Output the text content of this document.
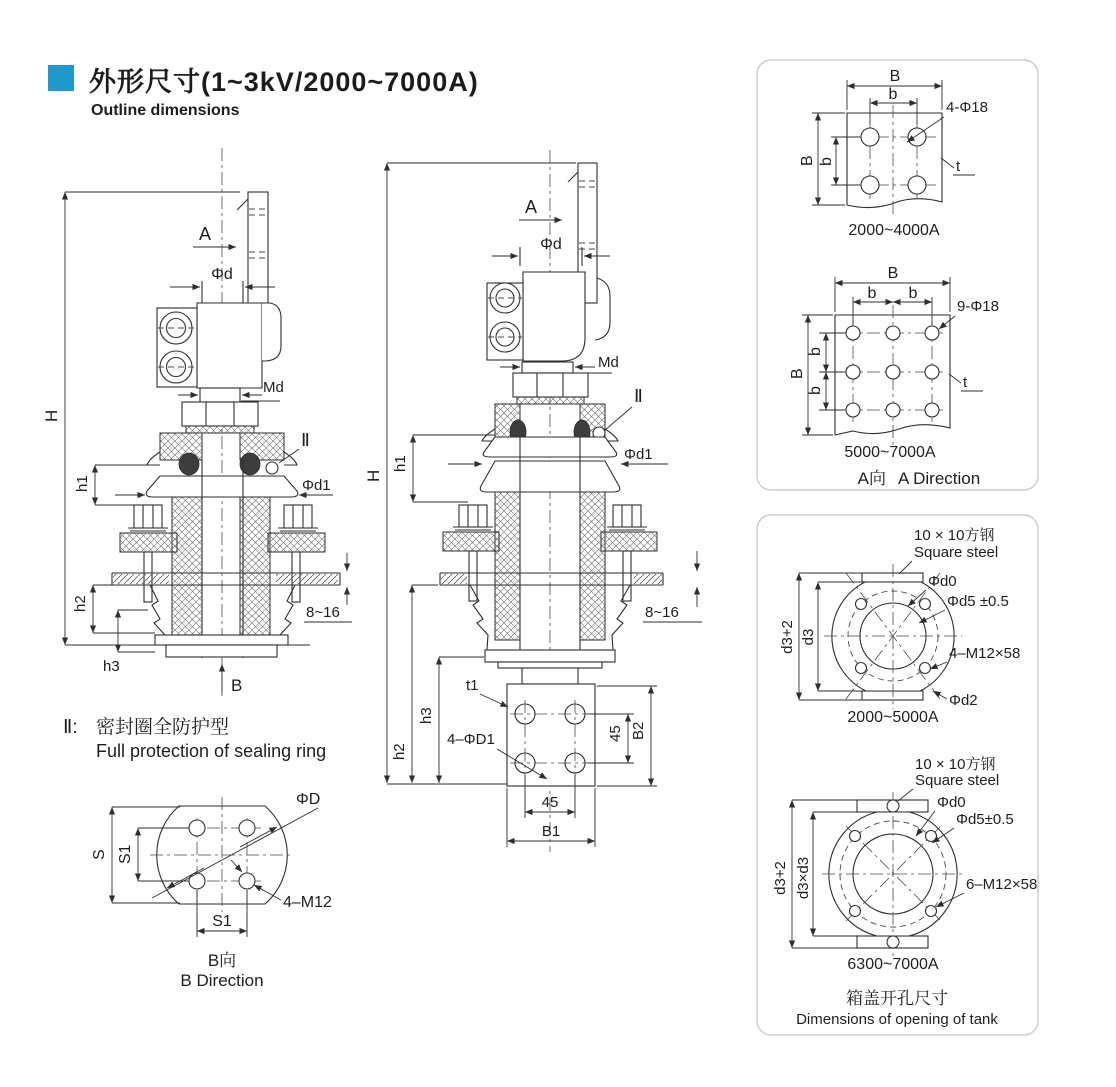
外形尺寸(1~3kV/2000~7000A)
Outline dimensions
Φd
A
Md
Ⅱ
Φd1
h1
8~16
h2
h3
B
H
A
Φd
Md
Ⅱ
h1
Φd1
8~16
t1
4–ΦD1	45 B2
45
B1
h2
h3
H
Ⅱ: 密封圈全防护型
Full protection of sealing ring
ΦD
S S1
S1
4–M12
B向
B Direction
B
b
B b
4-Φ18
t
2000~4000A
B
b b
B
b
b
9-Φ18
t
5000~7000A
A向 A Direction
10 × 10方钢
Square steel
Φd0
Φd5 ±0.5
4–M12×58
Φd2
d3+2 d3
2000~5000A
10 × 10方钢
Square steel
Φd0
Φd5±0.5
6–M12×58
d3+2 d3×d3
6300~7000A
箱盖开孔尺寸
Dimensions of opening of tank
